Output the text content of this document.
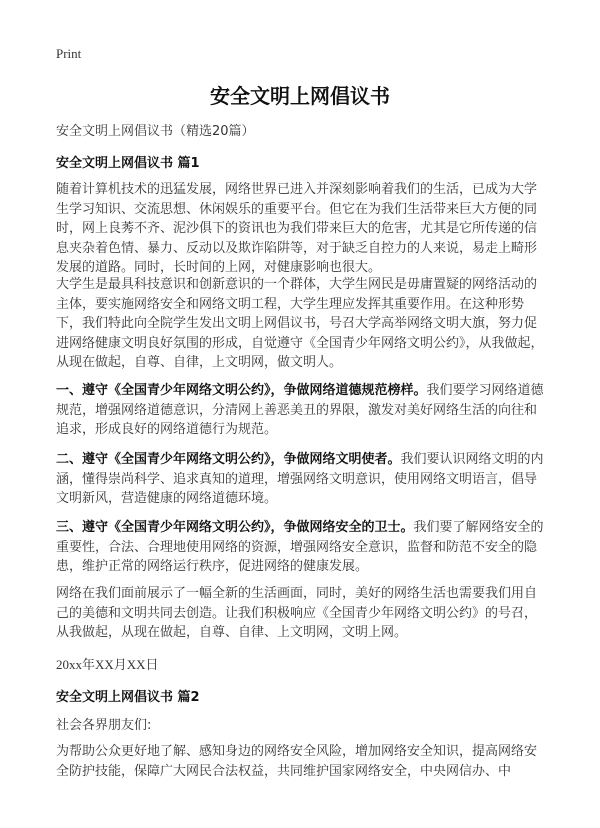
Print
安全文明上网倡议书
安全文明上网倡议书（精选20篇）
安全文明上网倡议书 篇1
随着计算机技术的迅猛发展，网络世界已进入并深刻影响着我们的生活，已成为大学生学习知识、交流思想、休闲娱乐的重要平台。但它在为我们生活带来巨大方便的同时，网上良莠不齐、泥沙俱下的资讯也为我们带来巨大的危害，尤其是它所传递的信息夹杂着色情、暴力、反动以及欺诈陷阱等，对于缺乏自控力的人来说，易走上畸形发展的道路。同时，长时间的上网，对健康影响也很大。
大学生是最具科技意识和创新意识的一个群体，大学生网民是毋庸置疑的网络活动的主体，要实施网络安全和网络文明工程，大学生理应发挥其重要作用。在这种形势下，我们特此向全院学生发出文明上网倡议书，号召大学高举网络文明大旗，努力促进网络健康文明良好氛围的形成，自觉遵守《全国青少年网络文明公约》，从我做起，从现在做起，自尊、自律，上文明网，做文明人。
一、遵守《全国青少年网络文明公约》，争做网络道德规范榜样。我们要学习网络道德规范，增强网络道德意识，分清网上善恶美丑的界限，激发对美好网络生活的向往和追求，形成良好的网络道德行为规范。
二、遵守《全国青少年网络文明公约》，争做网络文明使者。我们要认识网络文明的内涵，懂得崇尚科学、追求真知的道理，增强网络文明意识，使用网络文明语言，倡导文明新风，营造健康的网络道德环境。
三、遵守《全国青少年网络文明公约》，争做网络安全的卫士。我们要了解网络安全的重要性，合法、合理地使用网络的资源，增强网络安全意识，监督和防范不安全的隐患，维护正常的网络运行秩序，促进网络的健康发展。
网络在我们面前展示了一幅全新的生活画面，同时，美好的网络生活也需要我们用自己的美德和文明共同去创造。让我们积极响应《全国青少年网络文明公约》的号召，从我做起，从现在做起，自尊、自律、上文明网，文明上网。
20xx年XX月XX日
安全文明上网倡议书 篇2
社会各界朋友们:
为帮助公众更好地了解、感知身边的网络安全风险，增加网络安全知识，提高网络安全防护技能，保障广大网民合法权益，共同维护国家网络安全，中央网信办、中
